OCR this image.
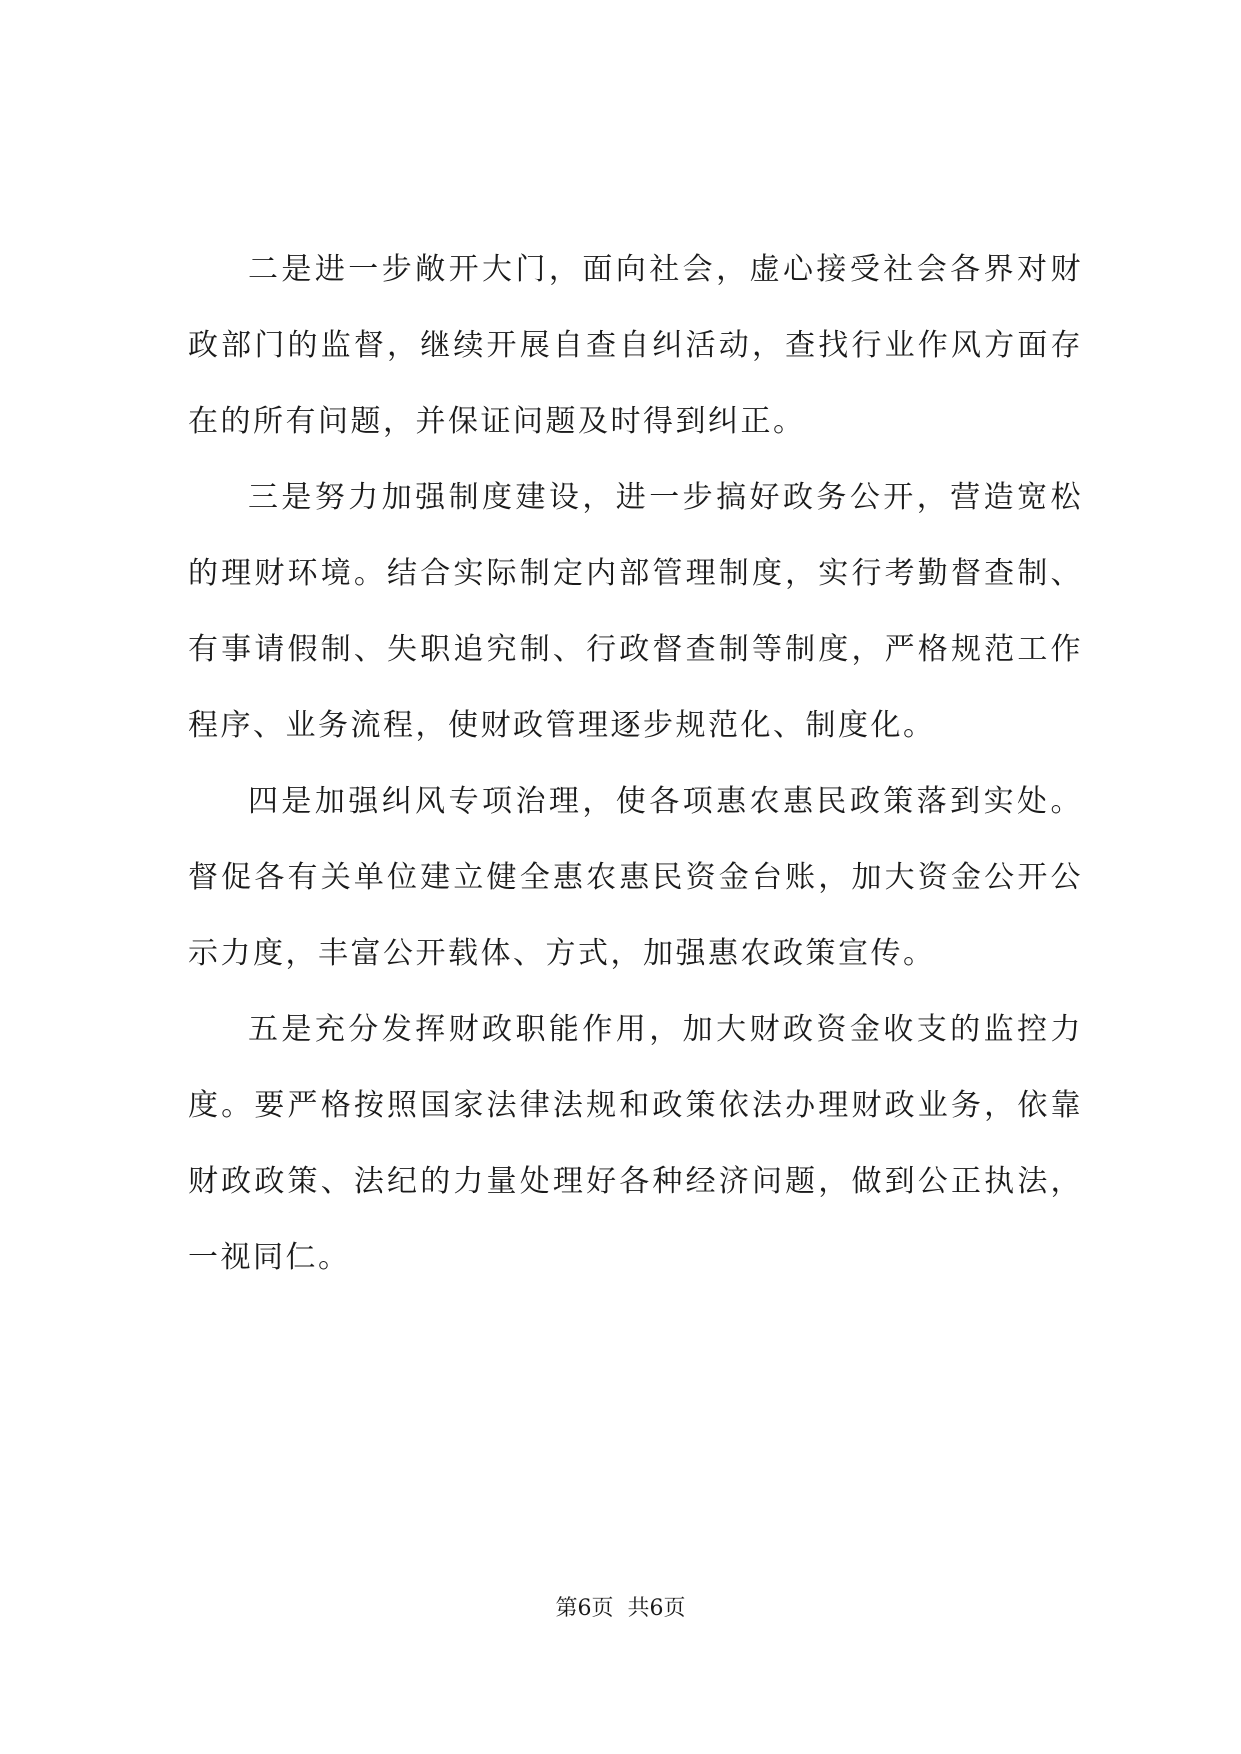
二是进一步敞开大门，面向社会，虚心接受社会各界对财政部门的监督，继续开展自查自纠活动，查找行业作风方面存在的所有问题，并保证问题及时得到纠正。

三是努力加强制度建设，进一步搞好政务公开，营造宽松的理财环境。结合实际制定内部管理制度，实行考勤督查制、有事请假制、失职追究制、行政督查制等制度，严格规范工作程序、业务流程，使财政管理逐步规范化、制度化。

四是加强纠风专项治理，使各项惠农惠民政策落到实处。督促各有关单位建立健全惠农惠民资金台账，加大资金公开公示力度，丰富公开载体、方式，加强惠农政策宣传。

五是充分发挥财政职能作用，加大财政资金收支的监控力度。要严格按照国家法律法规和政策依法办理财政业务，依靠财政政策、法纪的力量处理好各种经济问题，做到公正执法，一视同仁。

第6页 共6页
